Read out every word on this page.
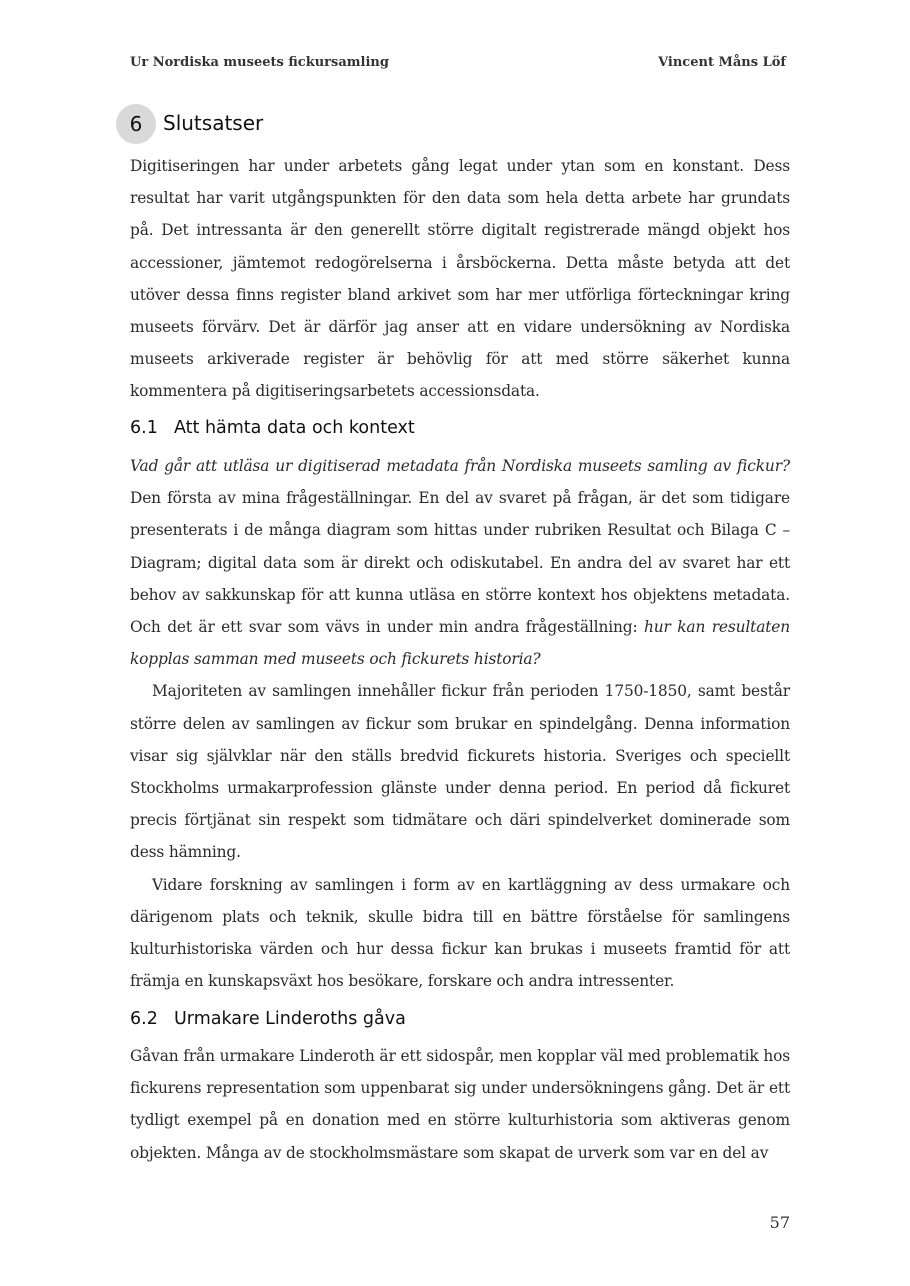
Ur Nordiska museets fickursamling	Vincent Måns Löf
6	Slutsatser

Digitiseringen har under arbetets gång legat under ytan som en konstant. Dess resultat har varit utgångspunkten för den data som hela detta arbete har grundats på. Det intressanta är den generellt större digitalt registrerade mängd objekt hos accessioner, jämtemot redogörelserna i årsböckerna. Detta måste betyda att det utöver dessa finns register bland arkivet som har mer utförliga förteckningar kring museets förvärv. Det är därför jag anser att en vidare undersökning av Nordiska museets arkiverade register är behövlig för att med större säkerhet kunna kommentera på digitiseringsarbetets accessionsdata.

6.1 Att hämta data och kontext

Vad går att utläsa ur digitiserad metadata från Nordiska museets samling av fickur? Den första av mina frågeställningar. En del av svaret på frågan, är det som tidigare presenterats i de många diagram som hittas under rubriken Resultat och Bilaga C – Diagram; digital data som är direkt och odiskutabel. En andra del av svaret har ett behov av sakkunskap för att kunna utläsa en större kontext hos objektens metadata. Och det är ett svar som vävs in under min andra frågeställning: hur kan resultaten kopplas samman med museets och fickurets historia?

Majoriteten av samlingen innehåller fickur från perioden 1750-1850, samt består större delen av samlingen av fickur som brukar en spindelgång. Denna information visar sig självklar när den ställs bredvid fickurets historia. Sveriges och speciellt Stockholms urmakarprofession glänste under denna period. En period då fickuret precis förtjänat sin respekt som tidmätare och däri spindelverket dominerade som dess hämning.

Vidare forskning av samlingen i form av en kartläggning av dess urmakare och därigenom plats och teknik, skulle bidra till en bättre förståelse för samlingens kulturhistoriska värden och hur dessa fickur kan brukas i museets framtid för att främja en kunskapsväxt hos besökare, forskare och andra intressenter.

6.2 Urmakare Linderoths gåva

Gåvan från urmakare Linderoth är ett sidospår, men kopplar väl med problematik hos fickurens representation som uppenbarat sig under undersökningens gång. Det är ett tydligt exempel på en donation med en större kulturhistoria som aktiveras genom objekten. Många av de stockholmsmästare som skapat de urverk som var en del av

57
